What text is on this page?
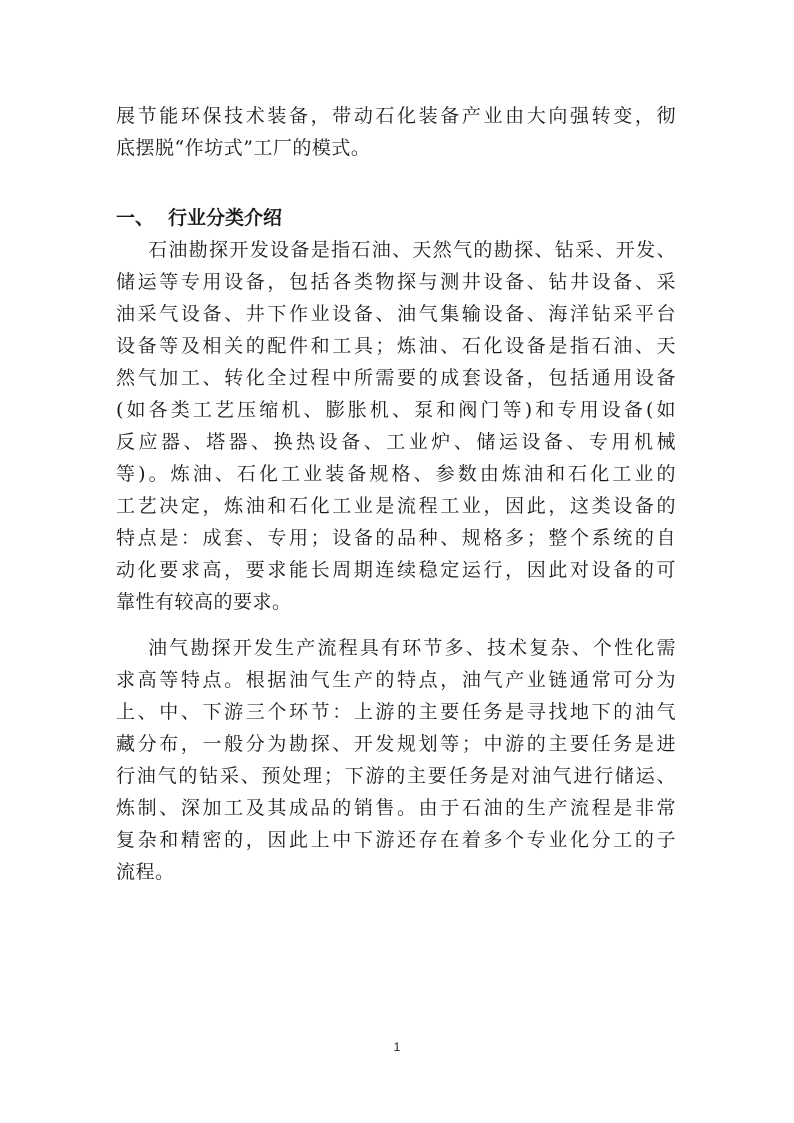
展节能环保技术装备，带动石化装备产业由大向强转变，彻
底摆脱“作坊式”工厂的模式。
一、 行业分类介绍
石油勘探开发设备是指石油、天然气的勘探、钻采、开发、
储运等专用设备，包括各类物探与测井设备、钻井设备、采
油采气设备、井下作业设备、油气集输设备、海洋钻采平台
设备等及相关的配件和工具；炼油、石化设备是指石油、天
然气加工、转化全过程中所需要的成套设备，包括通用设备
(如各类工艺压缩机、膨胀机、泵和阀门等)和专用设备(如
反应器、塔器、换热设备、工业炉、储运设备、专用机械
等)。炼油、石化工业装备规格、参数由炼油和石化工业的
工艺决定，炼油和石化工业是流程工业，因此，这类设备的
特点是：成套、专用；设备的品种、规格多；整个系统的自
动化要求高，要求能长周期连续稳定运行，因此对设备的可
靠性有较高的要求。
油气勘探开发生产流程具有环节多、技术复杂、个性化需
求高等特点。根据油气生产的特点，油气产业链通常可分为
上、中、下游三个环节：上游的主要任务是寻找地下的油气
藏分布，一般分为勘探、开发规划等；中游的主要任务是进
行油气的钻采、预处理；下游的主要任务是对油气进行储运、
炼制、深加工及其成品的销售。由于石油的生产流程是非常
复杂和精密的，因此上中下游还存在着多个专业化分工的子
流程。
1
